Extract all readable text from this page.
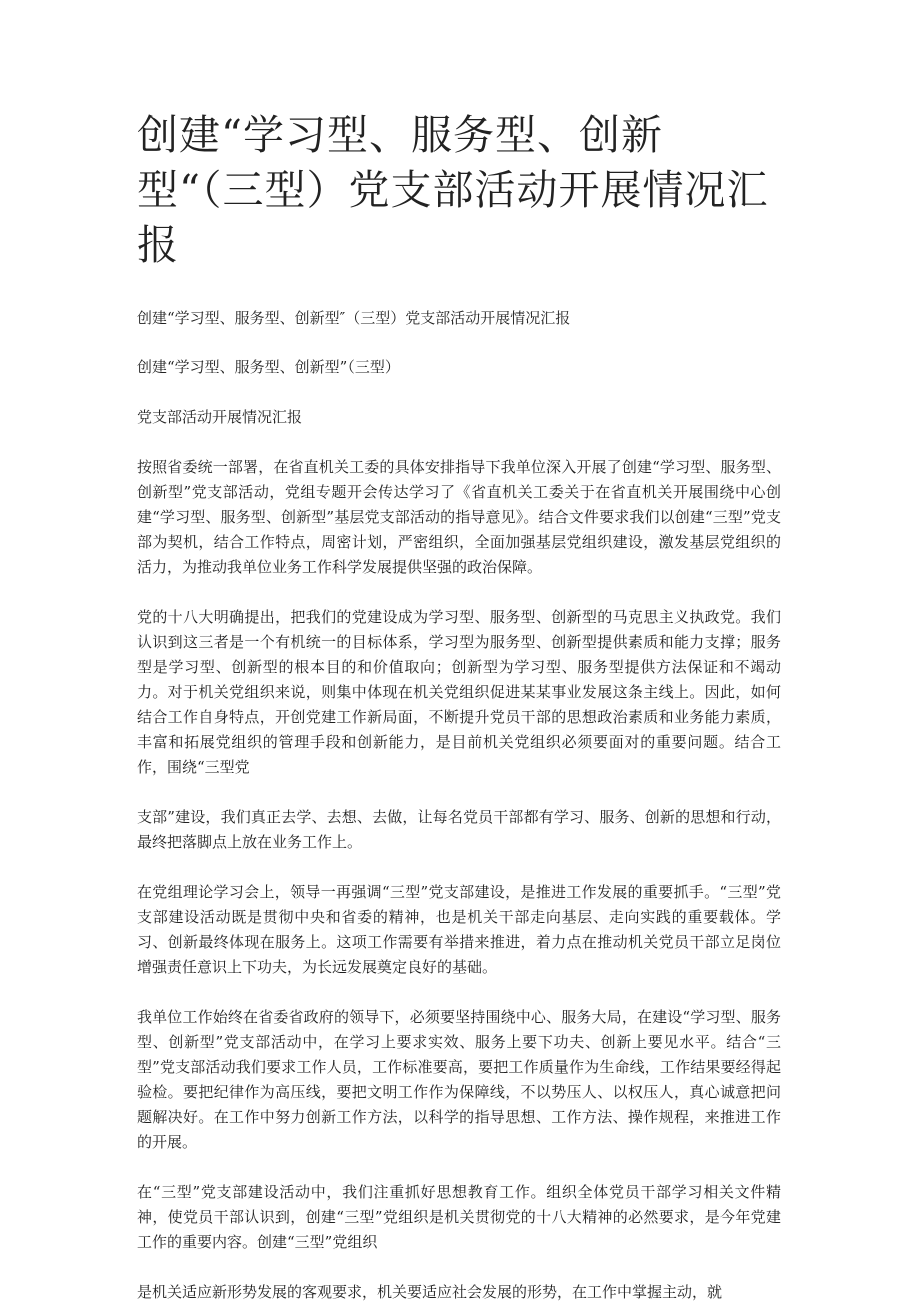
创建“学习型、服务型、创新型“（三型）党支部活动开展情况汇报

创建“学习型、服务型、创新型″（三型）党支部活动开展情况汇报

创建“学习型、服务型、创新型”（三型）

党支部活动开展情况汇报

按照省委统一部署，在省直机关工委的具体安排指导下我单位深入开展了创建“学习型、服务型、创新型”党支部活动，党组专题开会传达学习了《省直机关工委关于在省直机关开展围绕中心创建“学习型、服务型、创新型”基层党支部活动的指导意见》。结合文件要求我们以创建“三型”党支部为契机，结合工作特点，周密计划，严密组织，全面加强基层党组织建设，激发基层党组织的活力，为推动我单位业务工作科学发展提供坚强的政治保障。

党的十八大明确提出，把我们的党建设成为学习型、服务型、创新型的马克思主义执政党。我们认识到这三者是一个有机统一的目标体系，学习型为服务型、创新型提供素质和能力支撑；服务型是学习型、创新型的根本目的和价值取向；创新型为学习型、服务型提供方法保证和不竭动力。对于机关党组织来说，则集中体现在机关党组织促进某某事业发展这条主线上。因此，如何结合工作自身特点，开创党建工作新局面，不断提升党员干部的思想政治素质和业务能力素质，丰富和拓展党组织的管理手段和创新能力，是目前机关党组织必须要面对的重要问题。结合工作，围绕“三型党

支部”建设，我们真正去学、去想、去做，让每名党员干部都有学习、服务、创新的思想和行动，最终把落脚点上放在业务工作上。

在党组理论学习会上，领导一再强调“三型”党支部建设，是推进工作发展的重要抓手。“三型”党支部建设活动既是贯彻中央和省委的精神，也是机关干部走向基层、走向实践的重要载体。学习、创新最终体现在服务上。这项工作需要有举措来推进，着力点在推动机关党员干部立足岗位增强责任意识上下功夫，为长远发展奠定良好的基础。

我单位工作始终在省委省政府的领导下，必须要坚持围绕中心、服务大局，在建设“学习型、服务型、创新型”党支部活动中，在学习上要求实效、服务上要下功夫、创新上要见水平。结合“三型”党支部活动我们要求工作人员，工作标准要高，要把工作质量作为生命线，工作结果要经得起验检。要把纪律作为高压线，要把文明工作作为保障线，不以势压人、以权压人，真心诚意把问题解决好。在工作中努力创新工作方法，以科学的指导思想、工作方法、操作规程，来推进工作的开展。

在“三型”党支部建设活动中，我们注重抓好思想教育工作。组织全体党员干部学习相关文件精神，使党员干部认识到，创建“三型”党组织是机关贯彻党的十八大精神的必然要求，是今年党建工作的重要内容。创建“三型”党组织

是机关适应新形势发展的客观要求，机关要适应社会发展的形势，在工作中掌握主动，就
